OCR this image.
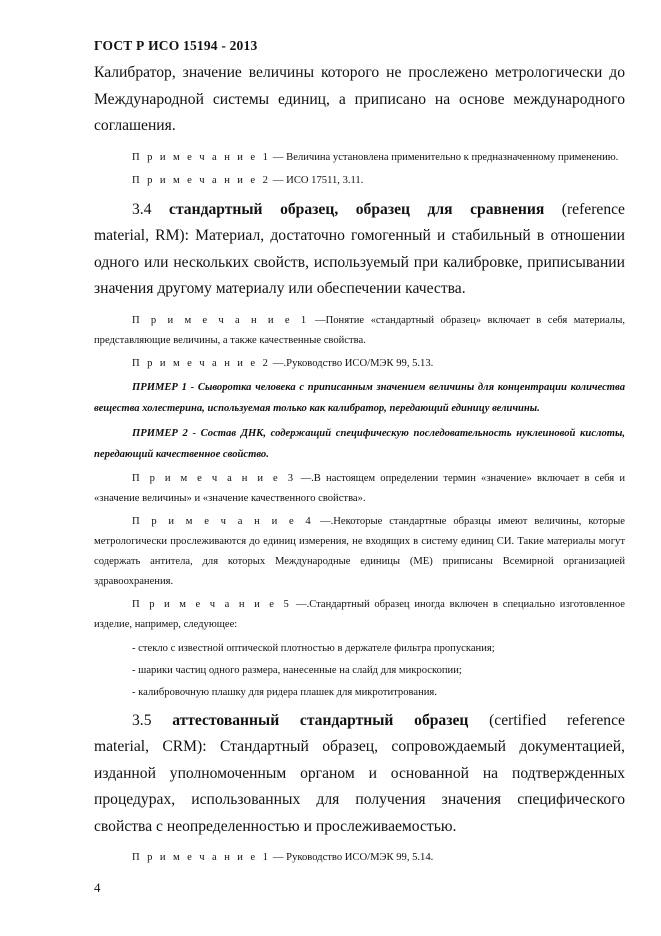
ГОСТ Р ИСО 15194 - 2013

Калибратор, значение величины которого не прослежено метрологически до Международной системы единиц, а приписано на основе международного соглашения.

П р и м е ч а н и е 1 — Величина установлена применительно к предназначенному применению.

П р и м е ч а н и е 2 — ИСО 17511, 3.11.

3.4 стандартный образец, образец для сравнения (reference

material, RM): Материал, достаточно гомогенный и стабильный в отношении одного или нескольких свойств, используемый при калибровке, приписывании значения другому материалу или обеспечении качества.

П р и м е ч а н и е 1 —Понятие «стандартный образец» включает в себя материалы, представляющие величины, а также качественные свойства.

П р и м е ч а н и е 2 —.Руководство ИСО/МЭК 99, 5.13.

ПРИМЕР 1 - Сыворотка человека с приписанным значением величины для концентрации количества вещества холестерина, используемая только как калибратор, передающий единицу величины.

ПРИМЕР 2 - Состав ДНК, содержащий специфическую последовательность нуклеиновой кислоты, передающий качественное свойство.

П р и м е ч а н и е 3 —.В настоящем определении термин «значение» включает в себя и «значение величины» и «значение качественного свойства».

П р и м е ч а н и е 4 —.Некоторые стандартные образцы имеют величины, которые метрологически прослеживаются до единиц измерения, не входящих в систему единиц СИ. Такие материалы могут содержать антитела, для которых Международные единицы (МЕ) приписаны Всемирной организацией здравоохранения.

П р и м е ч а н и е 5 —.Стандартный образец иногда включен в специально изготовленное изделие, например, следующее:

- стекло с известной оптической плотностью в держателе фильтра пропускания;
- шарики частиц одного размера, нанесенные на слайд для микроскопии;
- калибровочную плашку для ридера плашек для микротитрования.
3.5 аттестованный стандартный образец (certified reference

material, CRM): Стандартный образец, сопровождаемый документацией, изданной уполномоченным органом и основанной на подтвержденных процедурах, использованных для получения значения специфического свойства с неопределенностью и прослеживаемостью.

П р и м е ч а н и е 1 — Руководство ИСО/МЭК 99, 5.14.

4
